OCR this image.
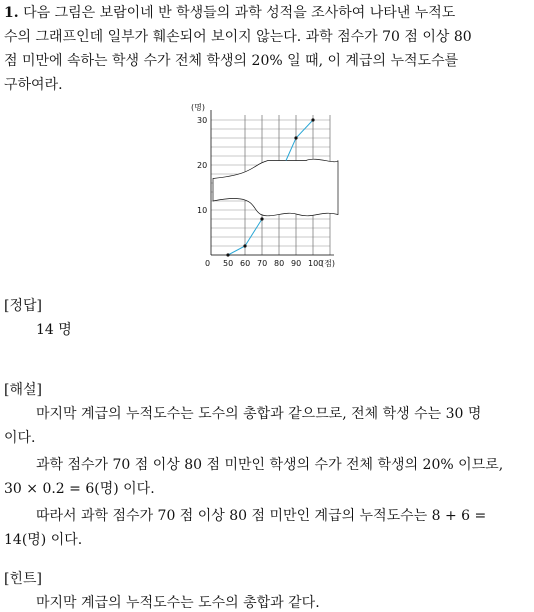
1. 다음 그림은 보람이네 반 학생들의 과학 성적을 조사하여 나타낸 누적도
수의 그래프인데 일부가 훼손되어 보이지 않는다. 과학 점수가 70 점 이상 80
점 미만에 속하는 학생 수가 전체 학생의 20% 일 때, 이 계급의 누적도수를
구하여라.
(명)
10
20
30
0 50 60 70 80 90 100
(점)
[정답]
14 명
[해설]
마지막 계급의 누적도수는 도수의 총합과 같으므로, 전체 학생 수는 30 명
이다.
과학 점수가 70 점 이상 80 점 미만인 학생의 수가 전체 학생의 20% 이므로,
30 × 0.2 = 6(명) 이다.
따라서 과학 점수가 70 점 이상 80 점 미만인 계급의 누적도수는 8 + 6 =
14(명) 이다.
[힌트]
마지막 계급의 누적도수는 도수의 총합과 같다.
